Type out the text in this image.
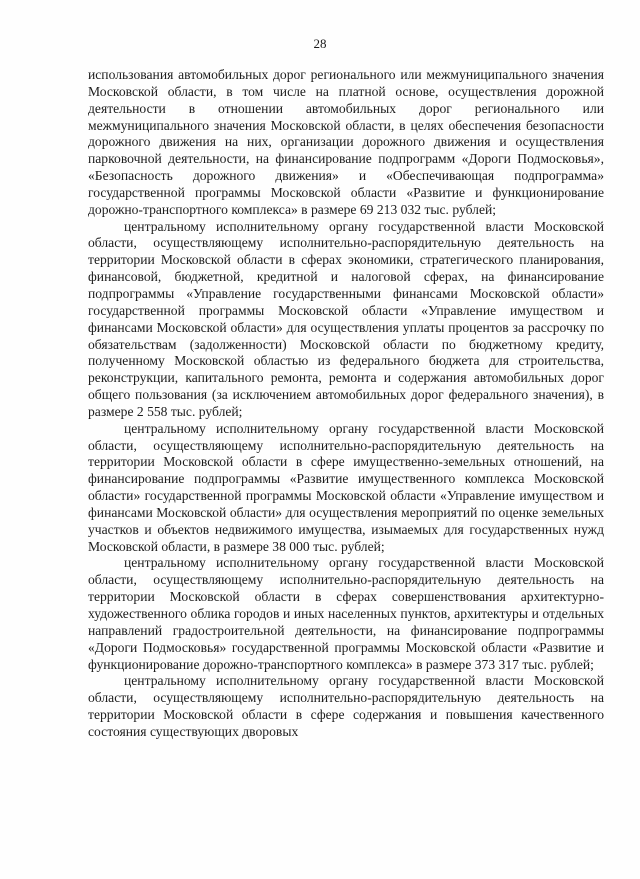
28

использования автомобильных дорог регионального или межмуниципального значения Московской области, в том числе на платной основе, осуществления дорожной деятельности в отношении автомобильных дорог регионального или межмуниципального значения Московской области, в целях обеспечения безопасности дорожного движения на них, организации дорожного движения и осуществления парковочной деятельности, на финансирование подпрограмм «Дороги Подмосковья», «Безопасность дорожного движения» и «Обеспечивающая подпрограмма» государственной программы Московской области «Развитие и функционирование дорожно-транспортного комплекса» в размере 69 213 032 тыс. рублей;

центральному исполнительному органу государственной власти Московской области, осуществляющему исполнительно-распорядительную деятельность на территории Московской области в сферах экономики, стратегического планирования, финансовой, бюджетной, кредитной и налоговой сферах, на финансирование подпрограммы «Управление государственными финансами Московской области» государственной программы Московской области «Управление имуществом и финансами Московской области» для осуществления уплаты процентов за рассрочку по обязательствам (задолженности) Московской области по бюджетному кредиту, полученному Московской областью из федерального бюджета для строительства, реконструкции, капитального ремонта, ремонта и содержания автомобильных дорог общего пользования (за исключением автомобильных дорог федерального значения), в размере 2 558 тыс. рублей;

центральному исполнительному органу государственной власти Московской области, осуществляющему исполнительно-распорядительную деятельность на территории Московской области в сфере имущественно-земельных отношений, на финансирование подпрограммы «Развитие имущественного комплекса Московской области» государственной программы Московской области «Управление имуществом и финансами Московской области» для осуществления мероприятий по оценке земельных участков и объектов недвижимого имущества, изымаемых для государственных нужд Московской области, в размере 38 000 тыс. рублей;

центральному исполнительному органу государственной власти Московской области, осуществляющему исполнительно-распорядительную деятельность на территории Московской области в сферах совершенствования архитектурно-художественного облика городов и иных населенных пунктов, архитектуры и отдельных направлений градостроительной деятельности, на финансирование подпрограммы «Дороги Подмосковья» государственной программы Московской области «Развитие и функционирование дорожно-транспортного комплекса» в размере 373 317 тыс. рублей;

центральному исполнительному органу государственной власти Московской области, осуществляющему исполнительно-распорядительную деятельность на территории Московской области в сфере содержания и повышения качественного состояния существующих дворовых
